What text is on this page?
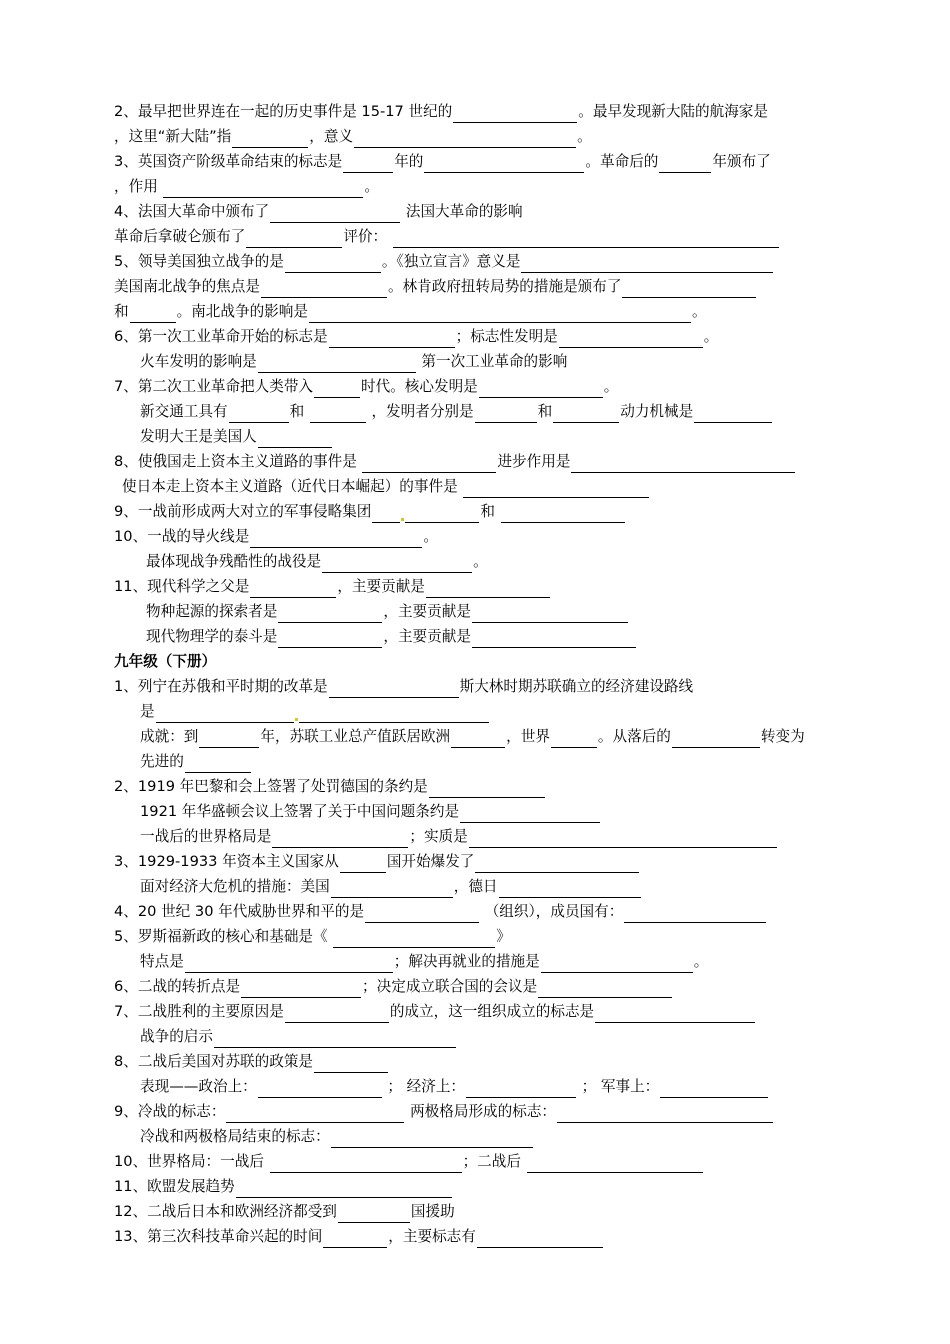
2、最早把世界连在一起的历史事件是 15-17 世纪的	。最早发现新大陆的航海家是
，这里“新大陆”指	，意义	。
3、英国资产阶级革命结束的标志是	年的	。革命后的	年颁布了
，作用	。
4、法国大革命中颁布了	法国大革命的影响
革命后拿破仑颁布了	评价：
5、领导美国独立战争的是	。《独立宣言》意义是
美国南北战争的焦点是	。林肯政府扭转局势的措施是颁布了
和	。南北战争的影响是	。
6、第一次工业革命开始的标志是	；标志性发明是	。
火车发明的影响是	第一次工业革命的影响
7、第二次工业革命把人类带入	时代。核心发明是	。
新交通工具有	和	，发明者分别是	和	动力机械是
发明大王是美国人
8、使俄国走上资本主义道路的事件是	进步作用是
使日本走上资本主义道路（近代日本崛起）的事件是
9、一战前形成两大对立的军事侵略集团	和
10、一战的导火线是	。
最体现战争残酷性的战役是	。
11、现代科学之父是	，主要贡献是
物种起源的探索者是	，主要贡献是
现代物理学的泰斗是	，主要贡献是
九年级（下册）
1、列宁在苏俄和平时期的改革是	斯大林时期苏联确立的经济建设路线
是
成就：到	年，苏联工业总产值跃居欧洲	，世界	。从落后的	转变为
先进的
2、1919 年巴黎和会上签署了处罚德国的条约是
1921 年华盛顿会议上签署了关于中国问题条约是
一战后的世界格局是	；实质是
3、1929-1933 年资本主义国家从	国开始爆发了
面对经济大危机的措施：美国	，德日
4、20 世纪 30 年代威胁世界和平的是	（组织），成员国有：
5、罗斯福新政的核心和基础是《	》
特点是	；解决再就业的措施是	。
6、二战的转折点是	；决定成立联合国的会议是
7、二战胜利的主要原因是	的成立，这一组织成立的标志是
战争的启示
8、二战后美国对苏联的政策是
表现——政治上：	； 经济上：	； 军事上：
9、冷战的标志：	两极格局形成的标志：
冷战和两极格局结束的标志：
10、世界格局：一战后	；二战后
11、欧盟发展趋势
12、二战后日本和欧洲经济都受到	国援助
13、第三次科技革命兴起的时间	，主要标志有
